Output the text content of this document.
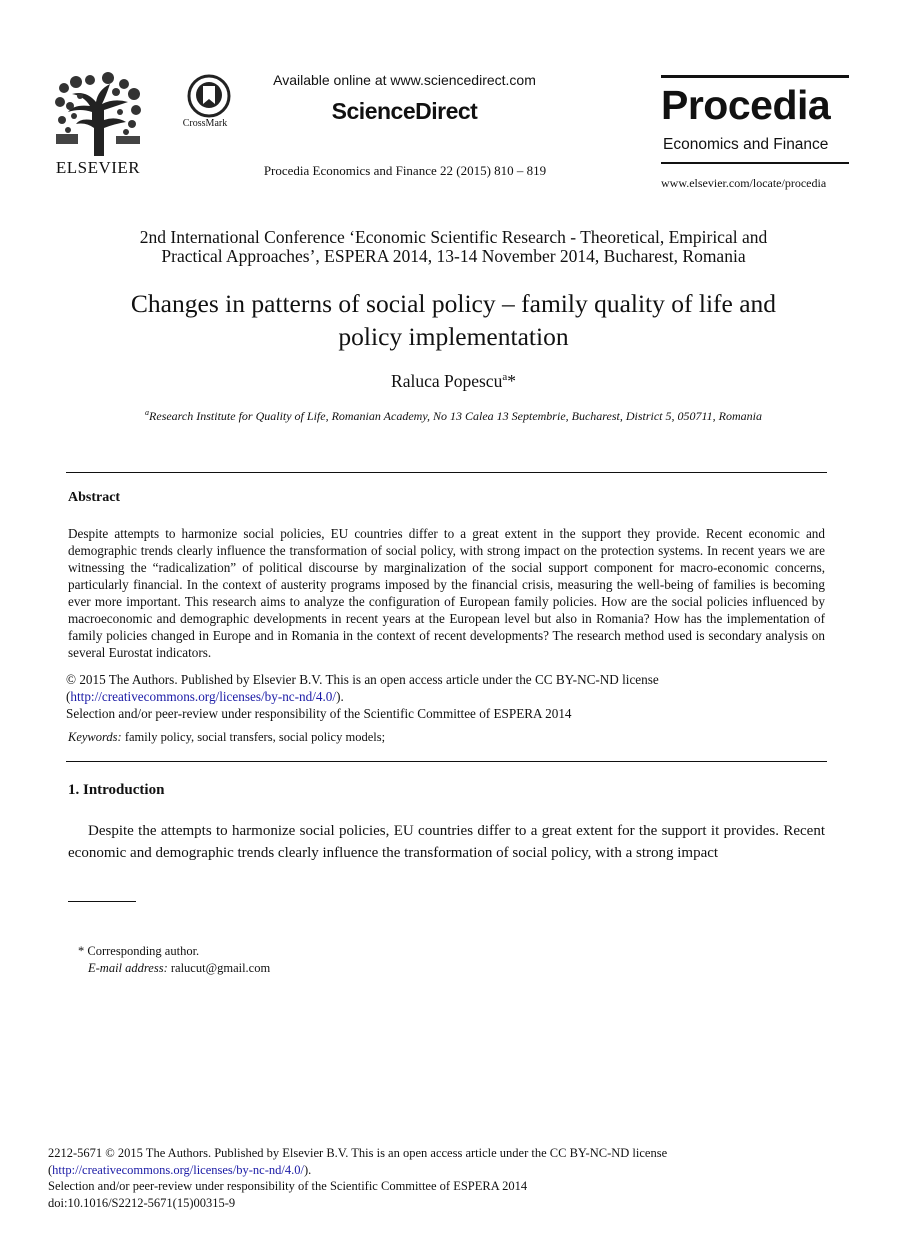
ELSEVIER
CrossMark
Available online at www.sciencedirect.com
ScienceDirect
Procedia Economics and Finance 22 (2015) 810 – 819
Procedia
Economics and Finance
www.elsevier.com/locate/procedia
2nd International Conference ‘Economic Scientific Research - Theoretical, Empirical and
Practical Approaches’, ESPERA 2014, 13-14 November 2014, Bucharest, Romania
Changes in patterns of social policy – family quality of life and
policy implementation
Raluca Popescu$^a$*
$^a$Research Institute for Quality of Life, Romanian Academy, No 13 Calea 13 Septembrie, Bucharest, District 5, 050711, Romania
Abstract
Despite attempts to harmonize social policies, EU countries differ to a great extent in the support they provide. Recent economic and demographic trends clearly influence the transformation of social policy, with strong impact on the protection systems. In recent years we are witnessing the “radicalization” of political discourse by marginalization of the social support component for macro-economic concerns, particularly financial. In the context of austerity programs imposed by the financial crisis, measuring the well-being of families is becoming ever more important. This research aims to analyze the configuration of European family policies. How are the social policies influenced by macroeconomic and demographic developments in recent years at the European level but also in Romania? How has the implementation of family policies changed in Europe and in Romania in the context of recent developments? The research method used is secondary analysis on several Eurostat indicators.
© 2015 The Authors. Published by Elsevier B.V. This is an open access article under the CC BY-NC-ND license
(http://creativecommons.org/licenses/by-nc-nd/4.0/).
Selection and/or peer-review under responsibility of the Scientific Committee of ESPERA 2014
Keywords: family policy, social transfers, social policy models;
1. Introduction

Despite the attempts to harmonize social policies, EU countries differ to a great extent for the support it provides. Recent economic and demographic trends clearly influence the transformation of social policy, with a strong impact

* Corresponding author.
E-mail address: ralucut@gmail.com
2212-5671 © 2015 The Authors. Published by Elsevier B.V. This is an open access article under the CC BY-NC-ND license
(http://creativecommons.org/licenses/by-nc-nd/4.0/).
Selection and/or peer-review under responsibility of the Scientific Committee of ESPERA 2014
doi:10.1016/S2212-5671(15)00315-9
